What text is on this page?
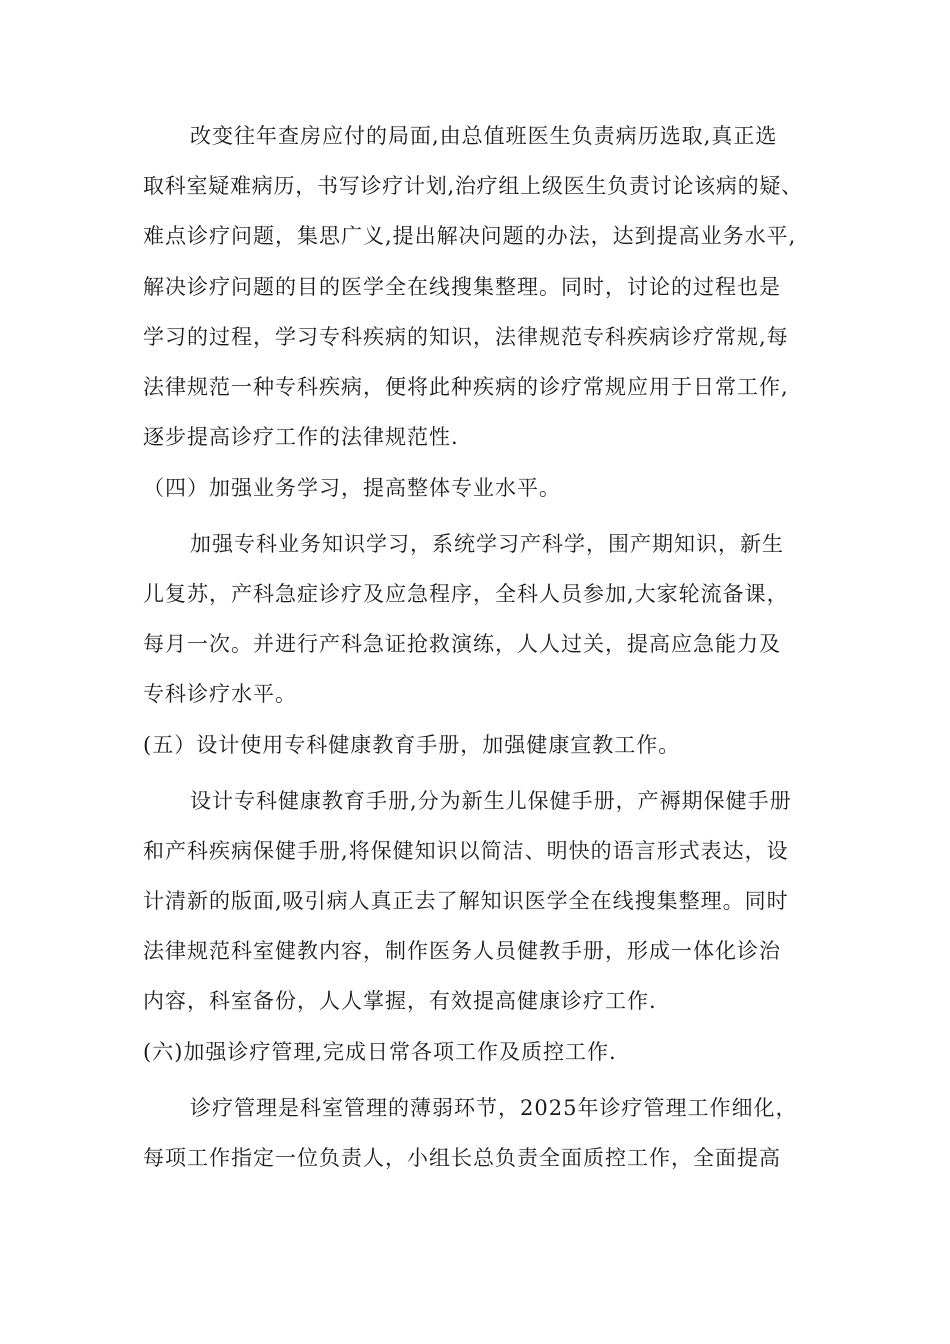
改变往年查房应付的局面,由总值班医生负责病历选取,真正选
取科室疑难病历，书写诊疗计划,治疗组上级医生负责讨论该病的疑、
难点诊疗问题，集思广义,提出解决问题的办法，达到提高业务水平,
解决诊疗问题的目的医学全在线搜集整理。同时，讨论的过程也是
学习的过程，学习专科疾病的知识，法律规范专科疾病诊疗常规,每
法律规范一种专科疾病，便将此种疾病的诊疗常规应用于日常工作,
逐步提高诊疗工作的法律规范性.
（四）加强业务学习，提高整体专业水平。
加强专科业务知识学习，系统学习产科学，围产期知识，新生
儿复苏，产科急症诊疗及应急程序，全科人员参加,大家轮流备课，
每月一次。并进行产科急证抢救演练，人人过关，提高应急能力及
专科诊疗水平。
(五）设计使用专科健康教育手册，加强健康宣教工作。
设计专科健康教育手册,分为新生儿保健手册，产褥期保健手册
和产科疾病保健手册,将保健知识以简洁、明快的语言形式表达，设
计清新的版面,吸引病人真正去了解知识医学全在线搜集整理。同时
法律规范科室健教内容，制作医务人员健教手册，形成一体化诊治
内容，科室备份，人人掌握，有效提高健康诊疗工作.
(六)加强诊疗管理,完成日常各项工作及质控工作.
诊疗管理是科室管理的薄弱环节，2025年诊疗管理工作细化，
每项工作指定一位负责人，小组长总负责全面质控工作，全面提高
